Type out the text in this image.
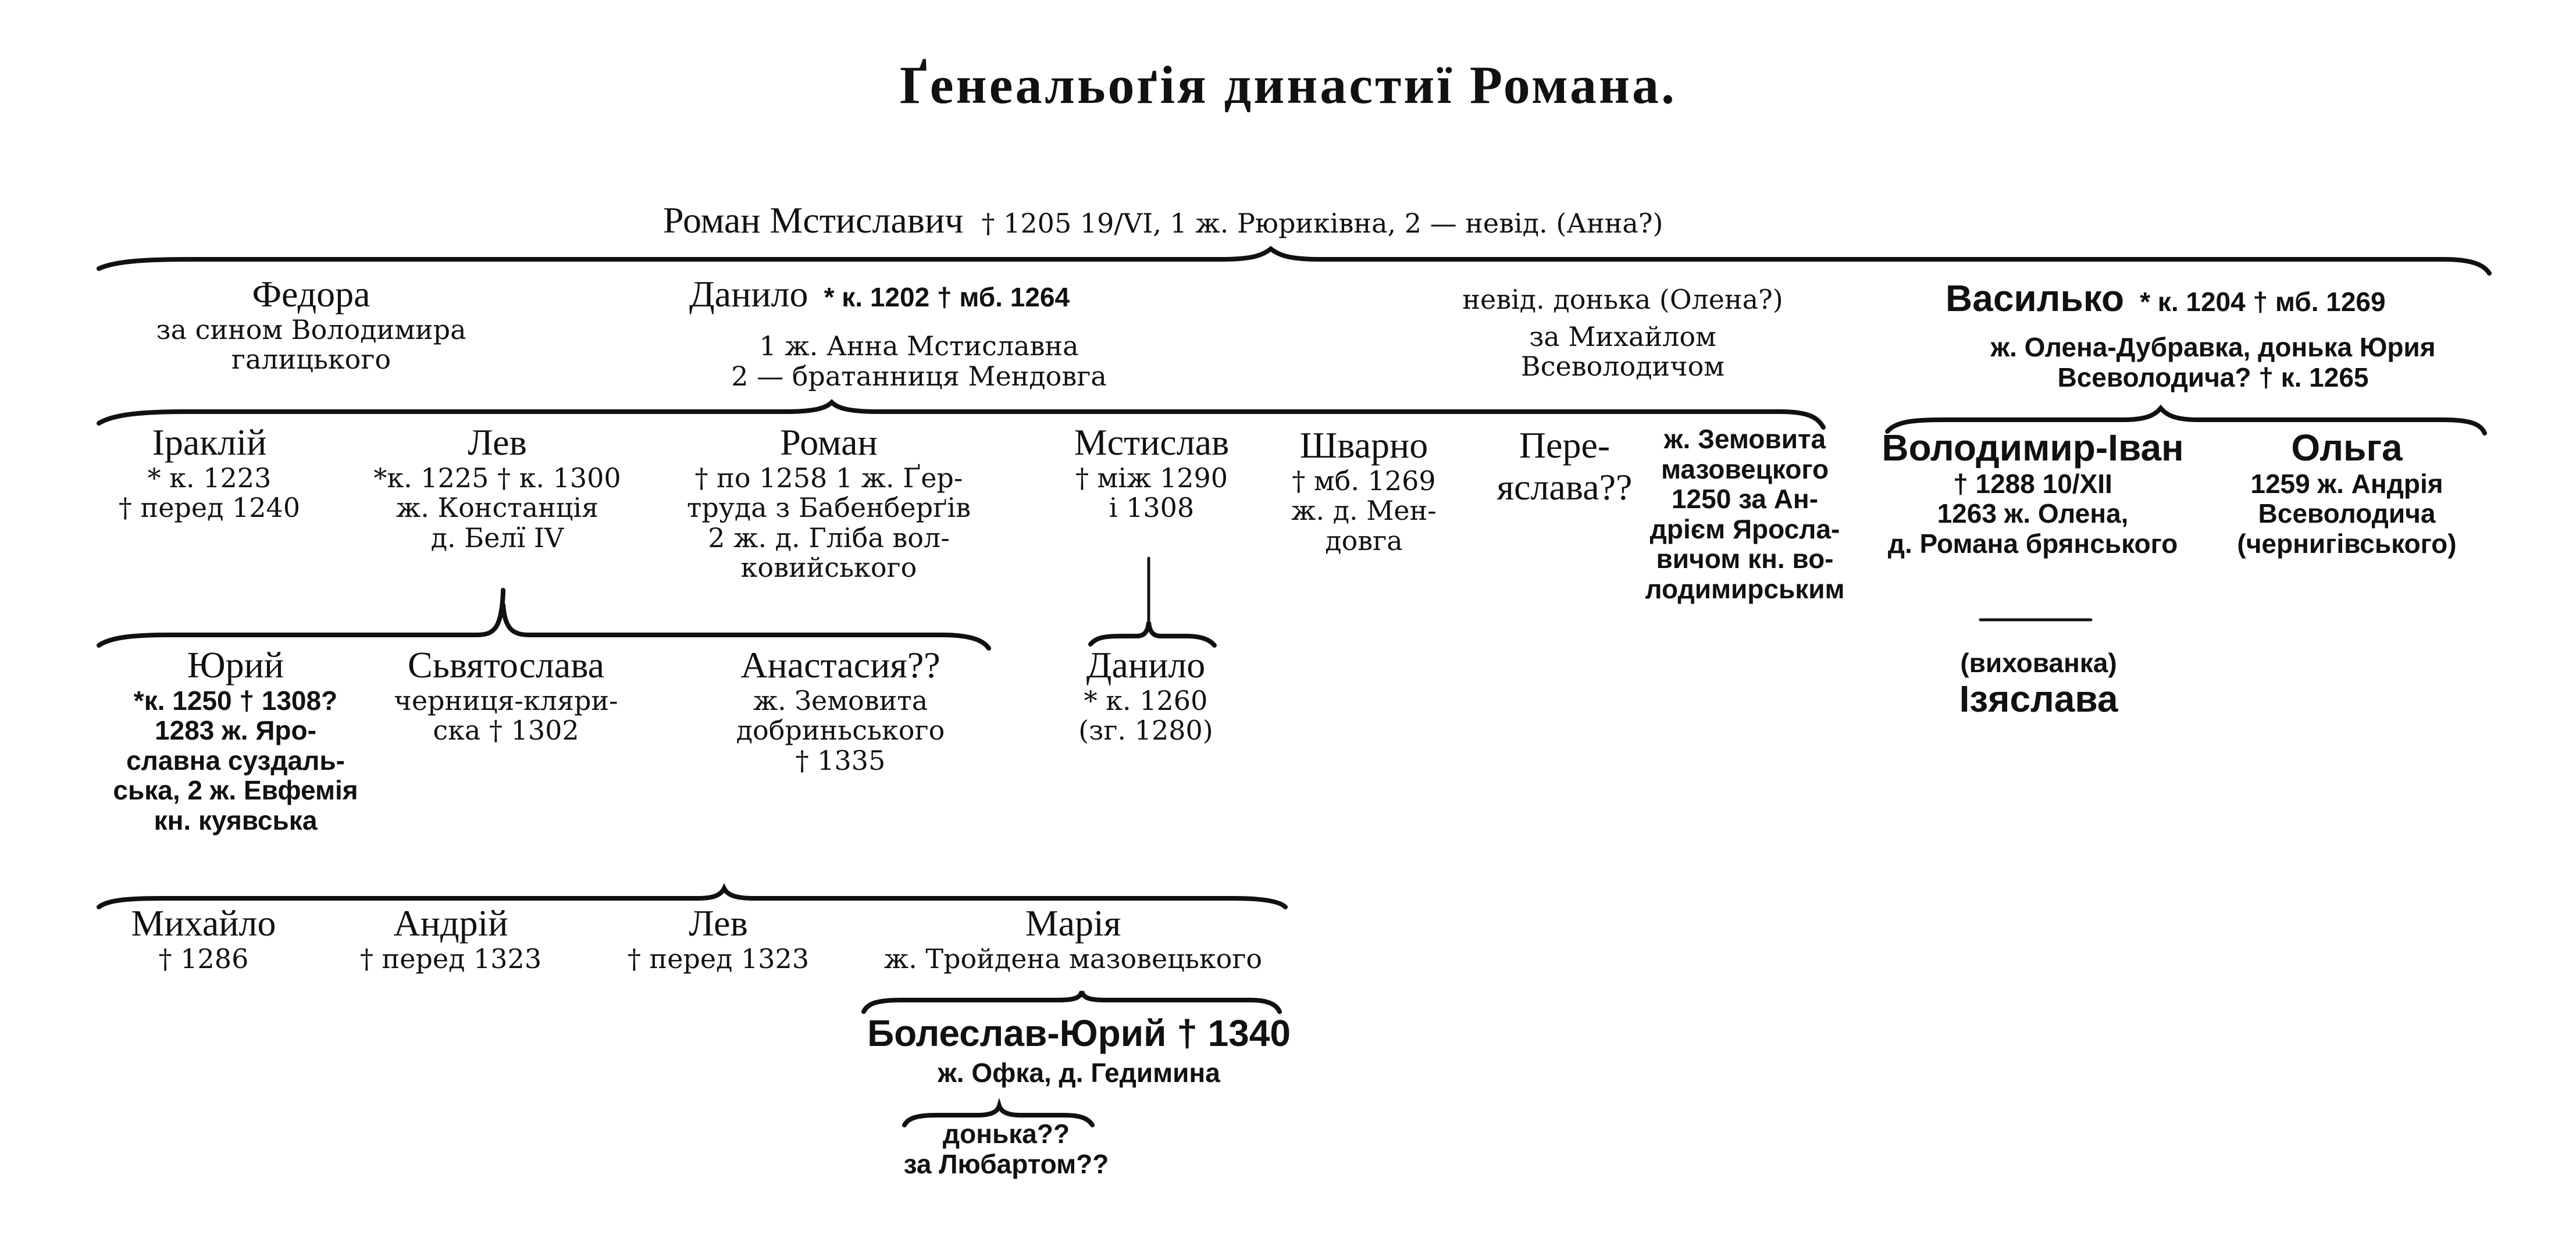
Ґенеальоґія династиї Романа.
Роман Мстиславич † 1205 19/VI, 1 ж. Рюриківна, 2 — невід. (Анна?)
Федора
за сином Володимира
галицького
Данило * к. 1202 † мб. 1264
1 ж. Анна Мстиславна
2 — братанниця Мендовга
невід. донька (Олена?)
за Михайлом
Всеволодичом
Василько * к. 1204 † мб. 1269
ж. Олена-Дубравка, донька Юрия
Всеволодича? † к. 1265
Іраклій
* к. 1223
† перед 1240
Лев
*к. 1225 † к. 1300
ж. Констанція
д. Белї IV
Роман
† по 1258 1 ж. Ґер-
труда з Бабенберґів
2 ж. д. Гліба вол-
ковийського
Мстислав
† між 1290
і 1308
Шварно
† мб. 1269
ж. д. Мен-
довга
Пере-
яслава??
ж. Земовита
мазовецкого
1250 за Ан-
дрієм Яросла-
вичом кн. во-
лодимирським
Володимир-Іван
† 1288 10/XII
1263 ж. Олена,
д. Романа брянського
Ольга
1259 ж. Андрія
Всеволодича
(чернигівського)
(вихованка)
Ізяслава
Юрий
*к. 1250 † 1308?
1283 ж. Яро-
славна суздаль-
ська, 2 ж. Евфемія
кн. куявська
Сьвятослава
черниця-кляри-
ска † 1302
Анастасия??
ж. Земовита
добриньського
† 1335
Данило
* к. 1260
(зг. 1280)
Михайло
† 1286
Андрій
† перед 1323
Лев
† перед 1323
Марія
ж. Тройдена мазовецького
Болеслав-Юрий † 1340
ж. Офка, д. Гедимина
донька??
за Любартом??
